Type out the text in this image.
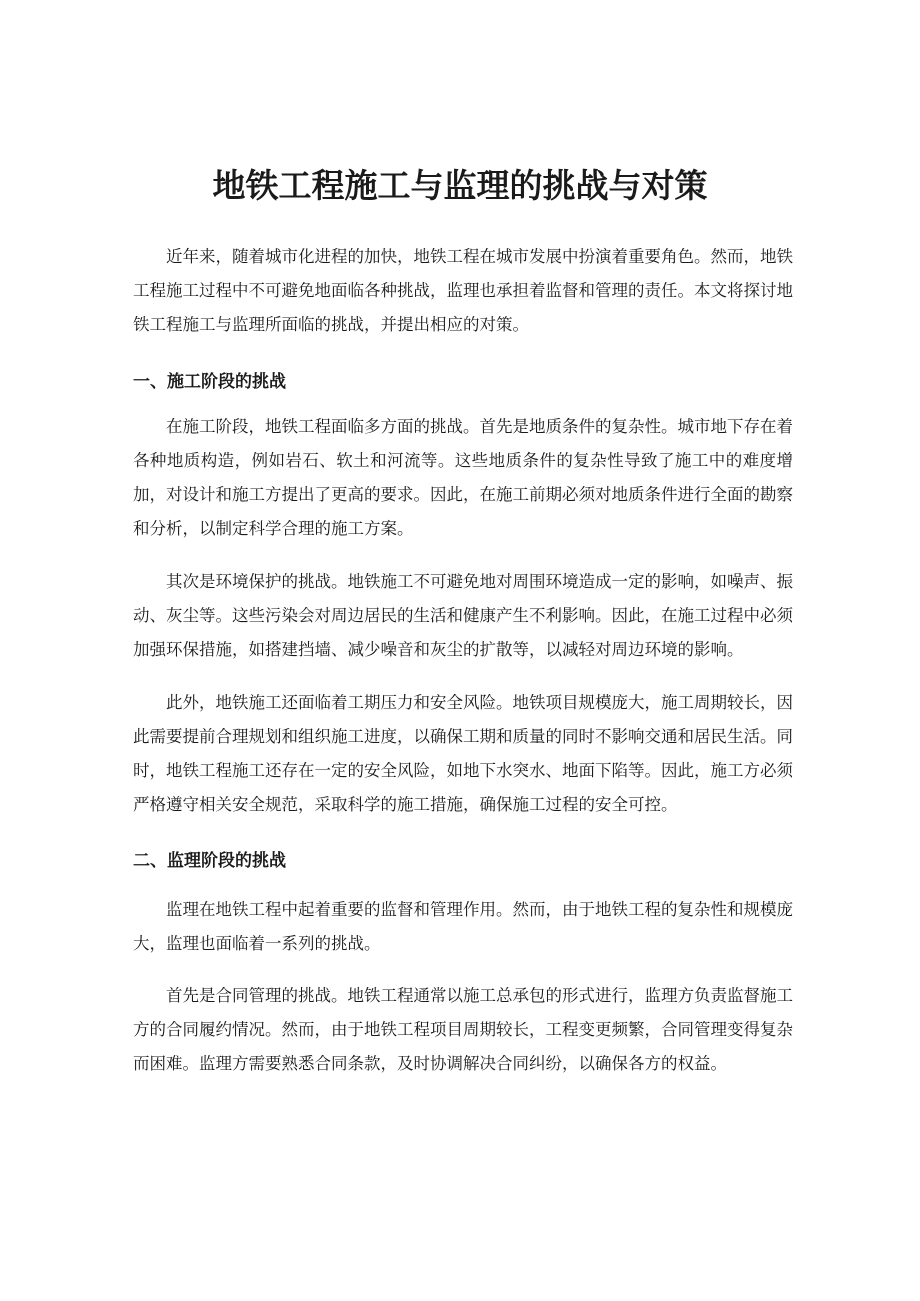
地铁工程施工与监理的挑战与对策

近年来，随着城市化进程的加快，地铁工程在城市发展中扮演着重要角色。然而，地铁工程施工过程中不可避免地面临各种挑战，监理也承担着监督和管理的责任。本文将探讨地铁工程施工与监理所面临的挑战，并提出相应的对策。

一、施工阶段的挑战

在施工阶段，地铁工程面临多方面的挑战。首先是地质条件的复杂性。城市地下存在着各种地质构造，例如岩石、软土和河流等。这些地质条件的复杂性导致了施工中的难度增加，对设计和施工方提出了更高的要求。因此，在施工前期必须对地质条件进行全面的勘察和分析，以制定科学合理的施工方案。

其次是环境保护的挑战。地铁施工不可避免地对周围环境造成一定的影响，如噪声、振动、灰尘等。这些污染会对周边居民的生活和健康产生不利影响。因此，在施工过程中必须加强环保措施，如搭建挡墙、减少噪音和灰尘的扩散等，以减轻对周边环境的影响。

此外，地铁施工还面临着工期压力和安全风险。地铁项目规模庞大，施工周期较长，因此需要提前合理规划和组织施工进度，以确保工期和质量的同时不影响交通和居民生活。同时，地铁工程施工还存在一定的安全风险，如地下水突水、地面下陷等。因此，施工方必须严格遵守相关安全规范，采取科学的施工措施，确保施工过程的安全可控。

二、监理阶段的挑战

监理在地铁工程中起着重要的监督和管理作用。然而，由于地铁工程的复杂性和规模庞大，监理也面临着一系列的挑战。

首先是合同管理的挑战。地铁工程通常以施工总承包的形式进行，监理方负责监督施工方的合同履约情况。然而，由于地铁工程项目周期较长，工程变更频繁，合同管理变得复杂而困难。监理方需要熟悉合同条款，及时协调解决合同纠纷，以确保各方的权益。
